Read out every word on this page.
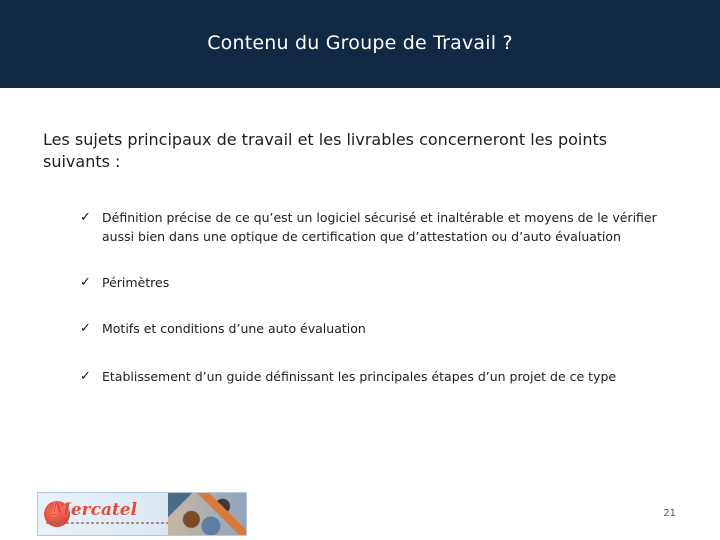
Contenu du Groupe de Travail ?
Les sujets principaux de travail et les livrables concerneront les points suivants :
✓ Définition précise de ce qu’est un logiciel sécurisé et inaltérable et moyens de le vérifier aussi bien dans une optique de certification que d’attestation ou d’auto évaluation
✓ Périmètres
✓ Motifs et conditions d’une auto évaluation
✓ Etablissement d’un guide définissant les principales étapes d’un projet de ce type
Mercatel	21
